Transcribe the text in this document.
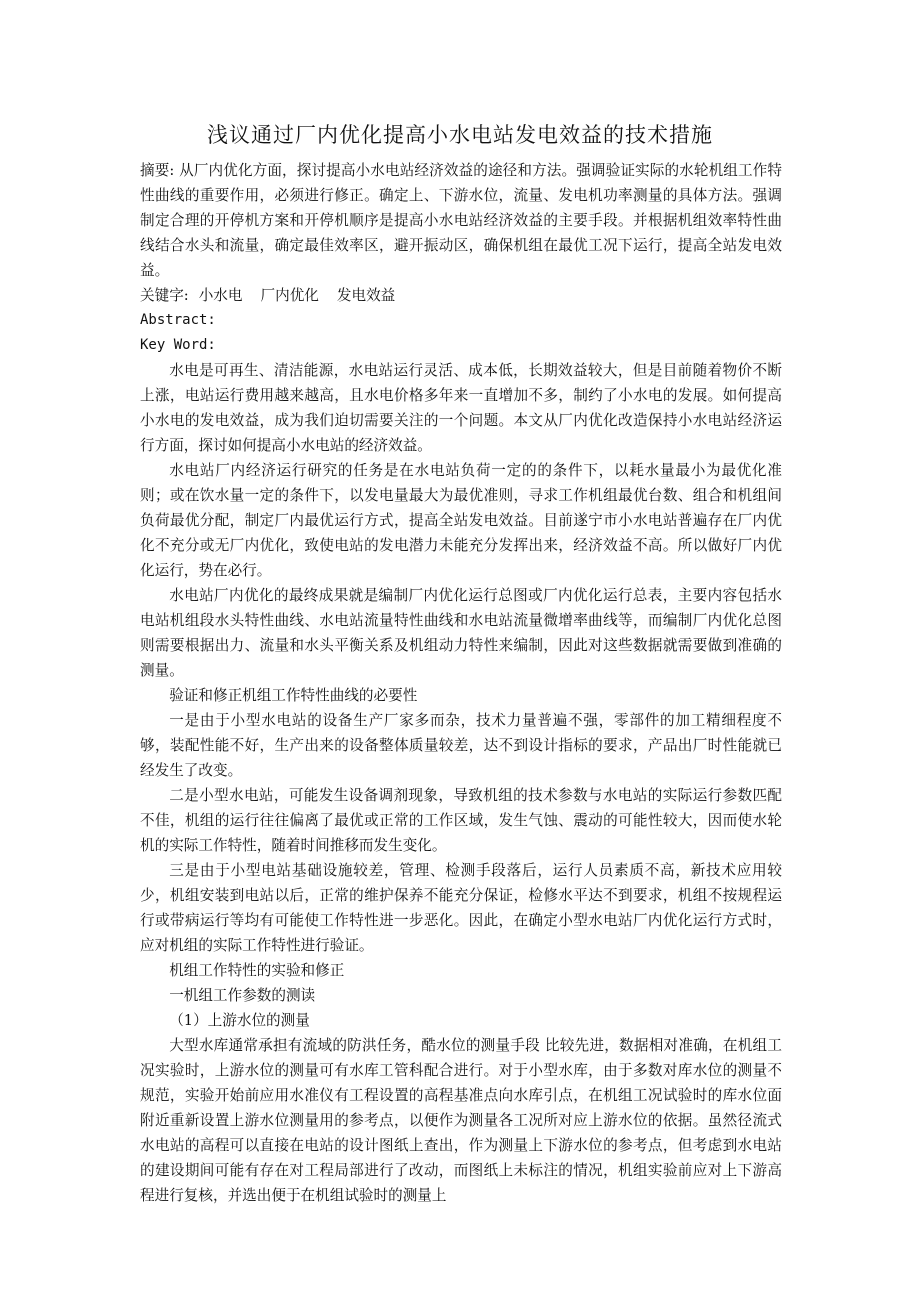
浅议通过厂内优化提高小水电站发电效益的技术措施

摘要: 从厂内优化方面，探讨提高小水电站经济效益的途径和方法。强调验证实际的水轮机组工作特性曲线的重要作用，必须进行修正。确定上、下游水位，流量、发电机功率测量的具体方法。强调制定合理的开停机方案和开停机顺序是提高小水电站经济效益的主要手段。并根据机组效率特性曲线结合水头和流量，确定最佳效率区，避开振动区，确保机组在最优工况下运行，提高全站发电效益。

关键字: 小水电 厂内优化 发电效益

Abstract:

Key Word:

水电是可再生、清洁能源，水电站运行灵活、成本低，长期效益较大，但是目前随着物价不断上涨，电站运行费用越来越高，且水电价格多年来一直增加不多，制约了小水电的发展。如何提高小水电的发电效益，成为我们迫切需要关注的一个问题。本文从厂内优化改造保持小水电站经济运行方面，探讨如何提高小水电站的经济效益。

水电站厂内经济运行研究的任务是在水电站负荷一定的的条件下，以耗水量最小为最优化准则；或在饮水量一定的条件下，以发电量最大为最优准则，寻求工作机组最优台数、组合和机组间负荷最优分配，制定厂内最优运行方式，提高全站发电效益。目前遂宁市小水电站普遍存在厂内优化不充分或无厂内优化，致使电站的发电潜力未能充分发挥出来，经济效益不高。所以做好厂内优化运行，势在必行。

水电站厂内优化的最终成果就是编制厂内优化运行总图或厂内优化运行总表，主要内容包括水电站机组段水头特性曲线、水电站流量特性曲线和水电站流量微增率曲线等，而编制厂内优化总图则需要根据出力、流量和水头平衡关系及机组动力特性来编制，因此对这些数据就需要做到准确的测量。

验证和修正机组工作特性曲线的必要性

一是由于小型水电站的设备生产厂家多而杂，技术力量普遍不强，零部件的加工精细程度不够，装配性能不好，生产出来的设备整体质量较差，达不到设计指标的要求，产品出厂时性能就已经发生了改变。

二是小型水电站，可能发生设备调剂现象，导致机组的技术参数与水电站的实际运行参数匹配不佳，机组的运行往往偏离了最优或正常的工作区域，发生气蚀、震动的可能性较大，因而使水轮机的实际工作特性，随着时间推移而发生变化。

三是由于小型电站基础设施较差，管理、检测手段落后，运行人员素质不高，新技术应用较少，机组安装到电站以后，正常的维护保养不能充分保证，检修水平达不到要求，机组不按规程运行或带病运行等均有可能使工作特性进一步恶化。因此，在确定小型水电站厂内优化运行方式时，应对机组的实际工作特性进行验证。

机组工作特性的实验和修正

一机组工作参数的测读

（1）上游水位的测量

大型水库通常承担有流域的防洪任务，酷水位的测量手段 比较先进，数据相对准确，在机组工况实验时，上游水位的测量可有水库工管科配合进行。对于小型水库，由于多数对库水位的测量不规范，实验开始前应用水准仪有工程设置的高程基准点向水库引点，在机组工况试验时的库水位面附近重新设置上游水位测量用的参考点，以便作为测量各工况所对应上游水位的依据。虽然径流式水电站的高程可以直接在电站的设计图纸上查出，作为测量上下游水位的参考点，但考虑到水电站的建设期间可能有存在对工程局部进行了改动，而图纸上未标注的情况，机组实验前应对上下游高程进行复核，并选出便于在机组试验时的测量上
